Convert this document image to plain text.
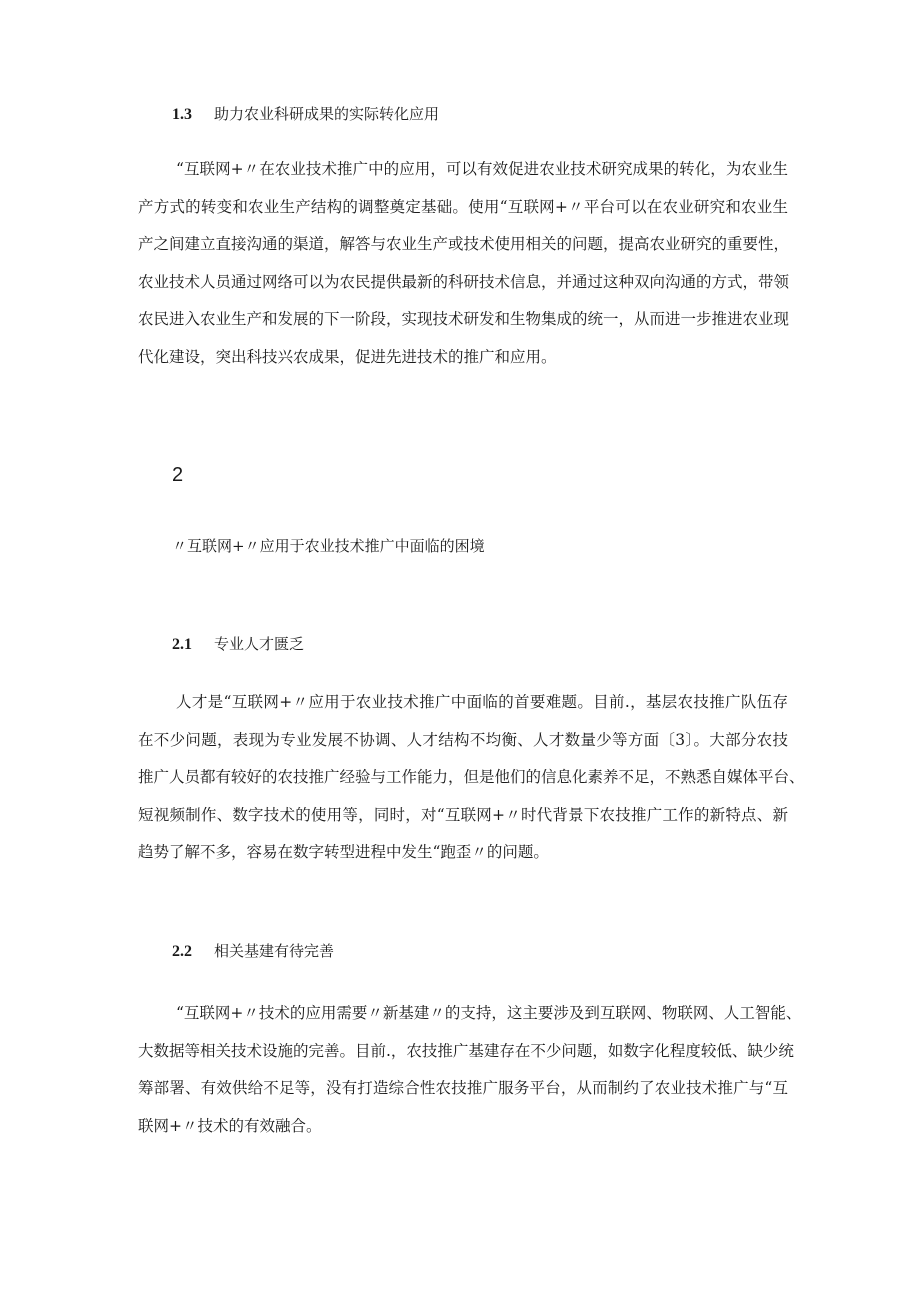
1.3 助力农业科研成果的实际转化应用
“互联网+〃在农业技术推广中的应用，可以有效促进农业技术研究成果的转化，为农业生
产方式的转变和农业生产结构的调整奠定基础。使用“互联网+〃平台可以在农业研究和农业生
产之间建立直接沟通的渠道，解答与农业生产或技术使用相关的问题，提高农业研究的重要性，
农业技术人员通过网络可以为农民提供最新的科研技术信息，并通过这种双向沟通的方式，带领
农民进入农业生产和发展的下一阶段，实现技术研发和生物集成的统一，从而进一步推进农业现
代化建设，突出科技兴农成果，促进先进技术的推广和应用。
2
〃互联网+〃应用于农业技术推广中面临的困境
2.1 专业人才匮乏
人才是“互联网+〃应用于农业技术推广中面临的首要难题。目前.，基层农技推广队伍存
在不少问题，表现为专业发展不协调、人才结构不均衡、人才数量少等方面〔3〕。大部分农技
推广人员都有较好的农技推广经验与工作能力，但是他们的信息化素养不足，不熟悉自媒体平台、
短视频制作、数字技术的使用等，同时，对“互联网+〃时代背景下农技推广工作的新特点、新
趋势了解不多，容易在数字转型进程中发生“跑歪〃的问题。
2.2 相关基建有待完善
“互联网+〃技术的应用需要〃新基建〃的支持，这主要涉及到互联网、物联网、人工智能、
大数据等相关技术设施的完善。目前.，农技推广基建存在不少问题，如数字化程度较低、缺少统
筹部署、有效供给不足等，没有打造综合性农技推广服务平台，从而制约了农业技术推广与“互
联网+〃技术的有效融合。
